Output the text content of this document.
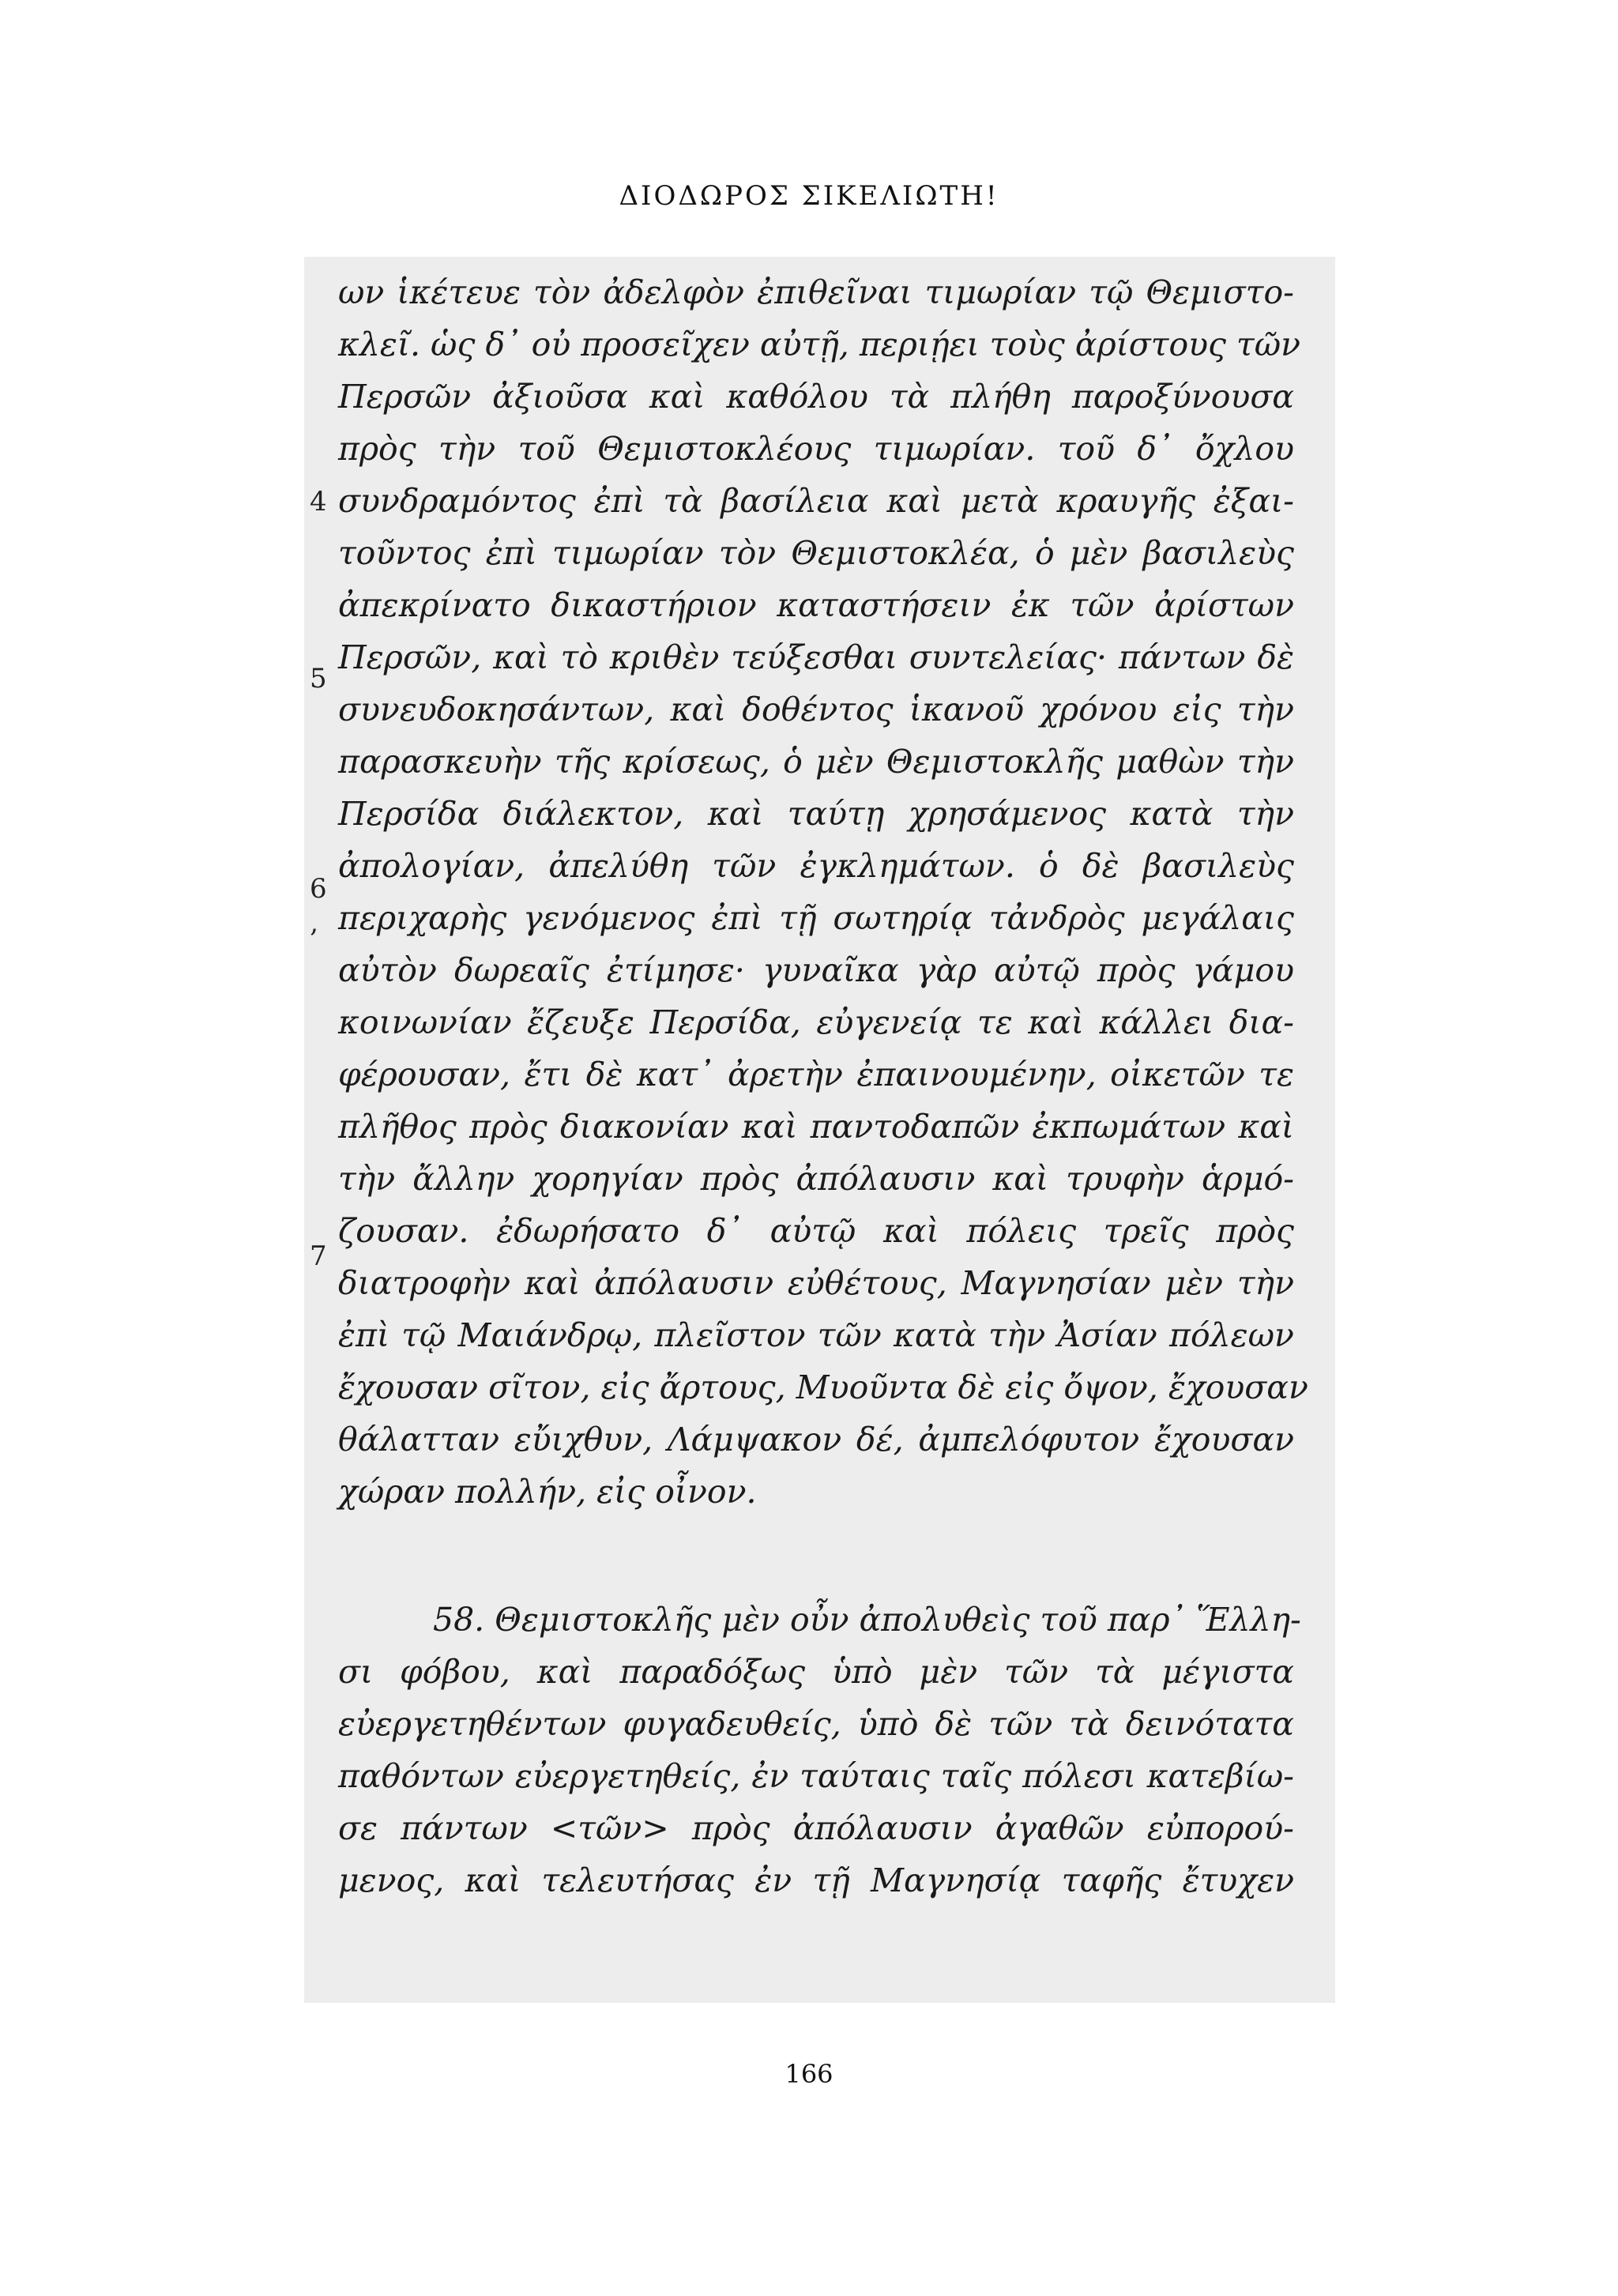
ΔΙΟΔΩΡΟΣ ΣΙΚΕΛΙΩΤΗ!
4
5
6
‚
7
ων ἱκέτευε τὸν ἀδελφὸν ἐπιθεῖναι τιμωρίαν τῷ Θεμιστο-
κλεῖ. ὡς δ᾽ οὐ προσεῖχεν αὐτῇ, περιῄει τοὺς ἀρίστους τῶν
Περσῶν ἀξιοῦσα καὶ καθόλου τὰ πλήθη παροξύνουσα
πρὸς τὴν τοῦ Θεμιστοκλέους τιμωρίαν. τοῦ δ᾽ ὄχλου
συνδραμόντος ἐπὶ τὰ βασίλεια καὶ μετὰ κραυγῆς ἐξαι-
τοῦντος ἐπὶ τιμωρίαν τὸν Θεμιστοκλέα, ὁ μὲν βασιλεὺς
ἀπεκρίνατο δικαστήριον καταστήσειν ἐκ τῶν ἀρίστων
Περσῶν, καὶ τὸ κριθὲν τεύξεσθαι συντελείας· πάντων δὲ
συνευδοκησάντων, καὶ δοθέντος ἱκανοῦ χρόνου εἰς τὴν
παρασκευὴν τῆς κρίσεως, ὁ μὲν Θεμιστοκλῆς μαθὼν τὴν
Περσίδα διάλεκτον, καὶ ταύτῃ χρησάμενος κατὰ τὴν
ἀπολογίαν, ἀπελύθη τῶν ἐγκλημάτων. ὁ δὲ βασιλεὺς
περιχαρὴς γενόμενος ἐπὶ τῇ σωτηρίᾳ τἀνδρὸς μεγάλαις
αὐτὸν δωρεαῖς ἐτίμησε· γυναῖκα γὰρ αὐτῷ πρὸς γάμου
κοινωνίαν ἔζευξε Περσίδα, εὐγενείᾳ τε καὶ κάλλει δια-
φέρουσαν, ἔτι δὲ κατ᾽ ἀρετὴν ἐπαινουμένην, οἰκετῶν τε
πλῆθος πρὸς διακονίαν καὶ παντοδαπῶν ἐκπωμάτων καὶ
τὴν ἄλλην χορηγίαν πρὸς ἀπόλαυσιν καὶ τρυφὴν ἁρμό-
ζουσαν. ἐδωρήσατο δ᾽ αὐτῷ καὶ πόλεις τρεῖς πρὸς
διατροφὴν καὶ ἀπόλαυσιν εὐθέτους, Μαγνησίαν μὲν τὴν
ἐπὶ τῷ Μαιάνδρῳ, πλεῖστον τῶν κατὰ τὴν Ἀσίαν πόλεων
ἔχουσαν σῖτον, εἰς ἄρτους, Μυοῦντα δὲ εἰς ὄψον, ἔχουσαν
θάλατταν εὔιχθυν, Λάμψακον δέ, ἀμπελόφυτον ἔχουσαν
χώραν πολλήν, εἰς οἶνον.
58. Θεμιστοκλῆς μὲν οὖν ἀπολυθεὶς τοῦ παρ᾽ Ἕλλη-
σι φόβου, καὶ παραδόξως ὑπὸ μὲν τῶν τὰ μέγιστα
εὐεργετηθέντων φυγαδευθείς, ὑπὸ δὲ τῶν τὰ δεινότατα
παθόντων εὐεργετηθείς, ἐν ταύταις ταῖς πόλεσι κατεβίω-
σε πάντων <τῶν> πρὸς ἀπόλαυσιν ἀγαθῶν εὐπορού-
μενος, καὶ τελευτήσας ἐν τῇ Μαγνησίᾳ ταφῆς ἔτυχεν
166
